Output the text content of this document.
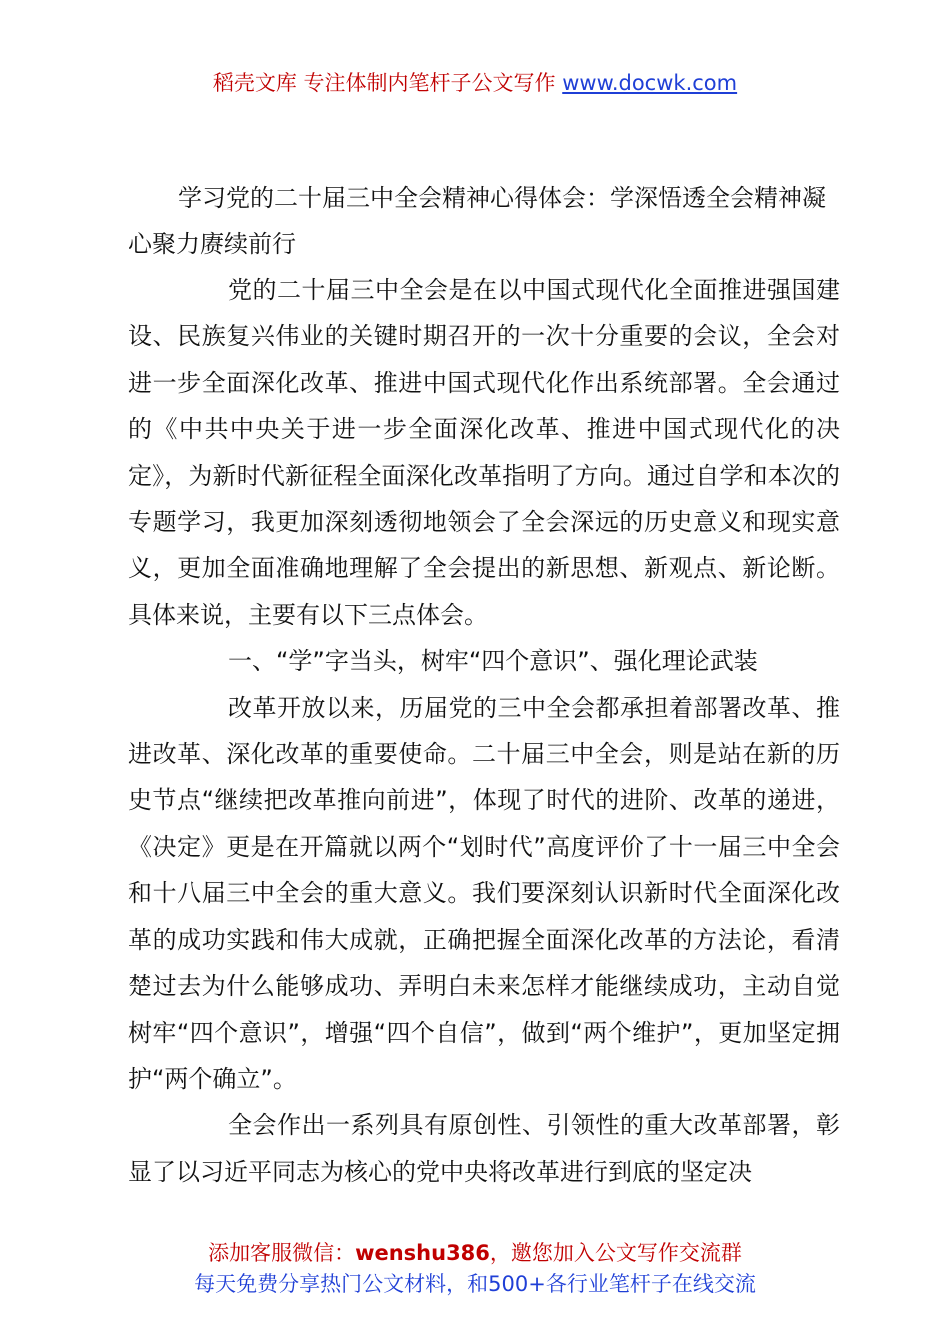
稻壳文库 专注体制内笔杆子公文写作 www.docwk.com
学习党的二十届三中全会精神心得体会：学深悟透全会精神凝心聚力赓续前行

党的二十届三中全会是在以中国式现代化全面推进强国建设、民族复兴伟业的关键时期召开的一次十分重要的会议，全会对进一步全面深化改革、推进中国式现代化作出系统部署。全会通过的《中共中央关于进一步全面深化改革、推进中国式现代化的决定》，为新时代新征程全面深化改革指明了方向。通过自学和本次的专题学习，我更加深刻透彻地领会了全会深远的历史意义和现实意义，更加全面准确地理解了全会提出的新思想、新观点、新论断。具体来说，主要有以下三点体会。

一、“学”字当头，树牢“四个意识”、强化理论武装

改革开放以来，历届党的三中全会都承担着部署改革、推进改革、深化改革的重要使命。二十届三中全会，则是站在新的历史节点“继续把改革推向前进”，体现了时代的进阶、改革的递进，《决定》更是在开篇就以两个“划时代”高度评价了十一届三中全会和十八届三中全会的重大意义。我们要深刻认识新时代全面深化改革的成功实践和伟大成就，正确把握全面深化改革的方法论，看清楚过去为什么能够成功、弄明白未来怎样才能继续成功，主动自觉树牢“四个意识”，增强“四个自信”，做到“两个维护”，更加坚定拥护“两个确立”。

全会作出一系列具有原创性、引领性的重大改革部署，彰显了以习近平同志为核心的党中央将改革进行到底的坚定决

添加客服微信：wenshu386，邀您加入公文写作交流群
每天免费分享热门公文材料，和500+各行业笔杆子在线交流
